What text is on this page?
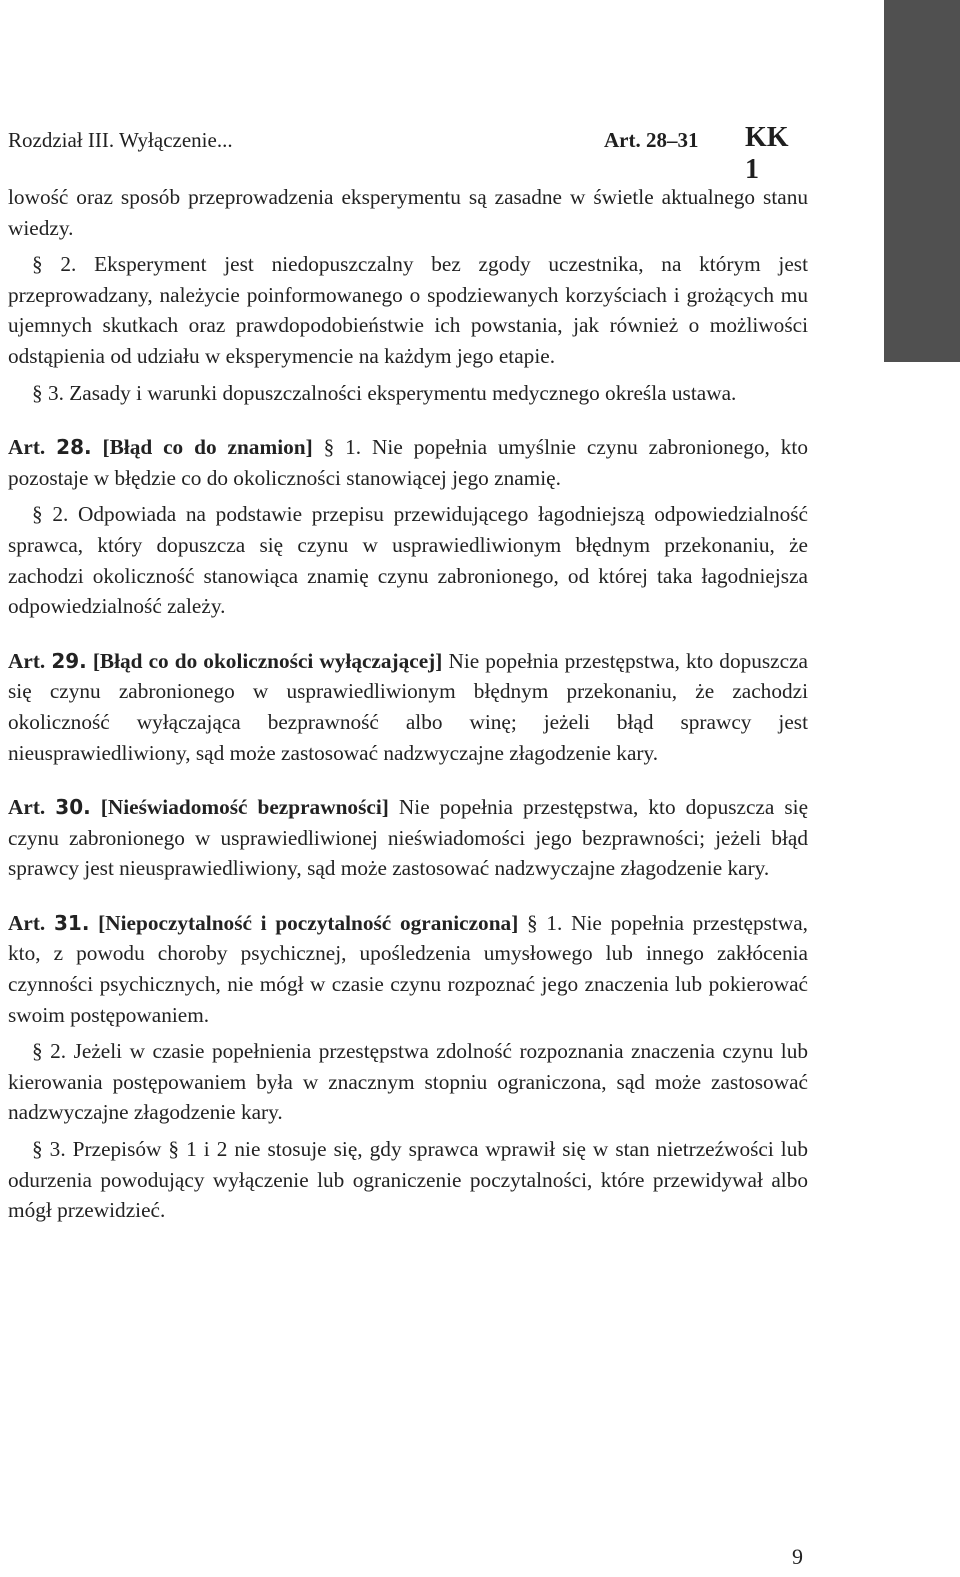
Rozdział III. Wyłączenie...	Art. 28–31 KK 1

lowość oraz sposób przeprowadzenia eksperymentu są zasadne w świetle aktualnego stanu wiedzy.

§ 2. Eksperyment jest niedopuszczalny bez zgody uczestnika, na którym jest przeprowadzany, należycie poinformowanego o spodziewanych korzyściach i grożących mu ujemnych skutkach oraz prawdopodobieństwie ich powstania, jak również o możliwości odstąpienia od udziału w eksperymencie na każdym jego etapie.

§ 3. Zasady i warunki dopuszczalności eksperymentu medycznego określa ustawa.

Art. 28. [Błąd co do znamion] § 1. Nie popełnia umyślnie czynu zabronionego, kto pozostaje w błędzie co do okoliczności stanowiącej jego znamię.

§ 2. Odpowiada na podstawie przepisu przewidującego łagodniejszą odpowiedzialność sprawca, który dopuszcza się czynu w usprawiedliwionym błędnym przekonaniu, że zachodzi okoliczność stanowiąca znamię czynu zabronionego, od której taka łagodniejsza odpowiedzialność zależy.

Art. 29. [Błąd co do okoliczności wyłączającej] Nie popełnia przestępstwa, kto dopuszcza się czynu zabronionego w usprawiedliwionym błędnym przekonaniu, że zachodzi okoliczność wyłączająca bezprawność albo winę; jeżeli błąd sprawcy jest nieusprawiedliwiony, sąd może zastosować nadzwyczajne złagodzenie kary.

Art. 30. [Nieświadomość bezprawności] Nie popełnia przestępstwa, kto dopuszcza się czynu zabronionego w usprawiedliwionej nieświadomości jego bezprawności; jeżeli błąd sprawcy jest nieusprawiedliwiony, sąd może zastosować nadzwyczajne złagodzenie kary.

Art. 31. [Niepoczytalność i poczytalność ograniczona] § 1. Nie popełnia przestępstwa, kto, z powodu choroby psychicznej, upośledzenia umysłowego lub innego zakłócenia czynności psychicznych, nie mógł w czasie czynu rozpoznać jego znaczenia lub pokierować swoim postępowaniem.

§ 2. Jeżeli w czasie popełnienia przestępstwa zdolność rozpoznania znaczenia czynu lub kierowania postępowaniem była w znacznym stopniu ograniczona, sąd może zastosować nadzwyczajne złagodzenie kary.

§ 3. Przepisów § 1 i 2 nie stosuje się, gdy sprawca wprawił się w stan nietrzeźwości lub odurzenia powodujący wyłączenie lub ograniczenie poczytalności, które przewidywał albo mógł przewidzieć.

9
